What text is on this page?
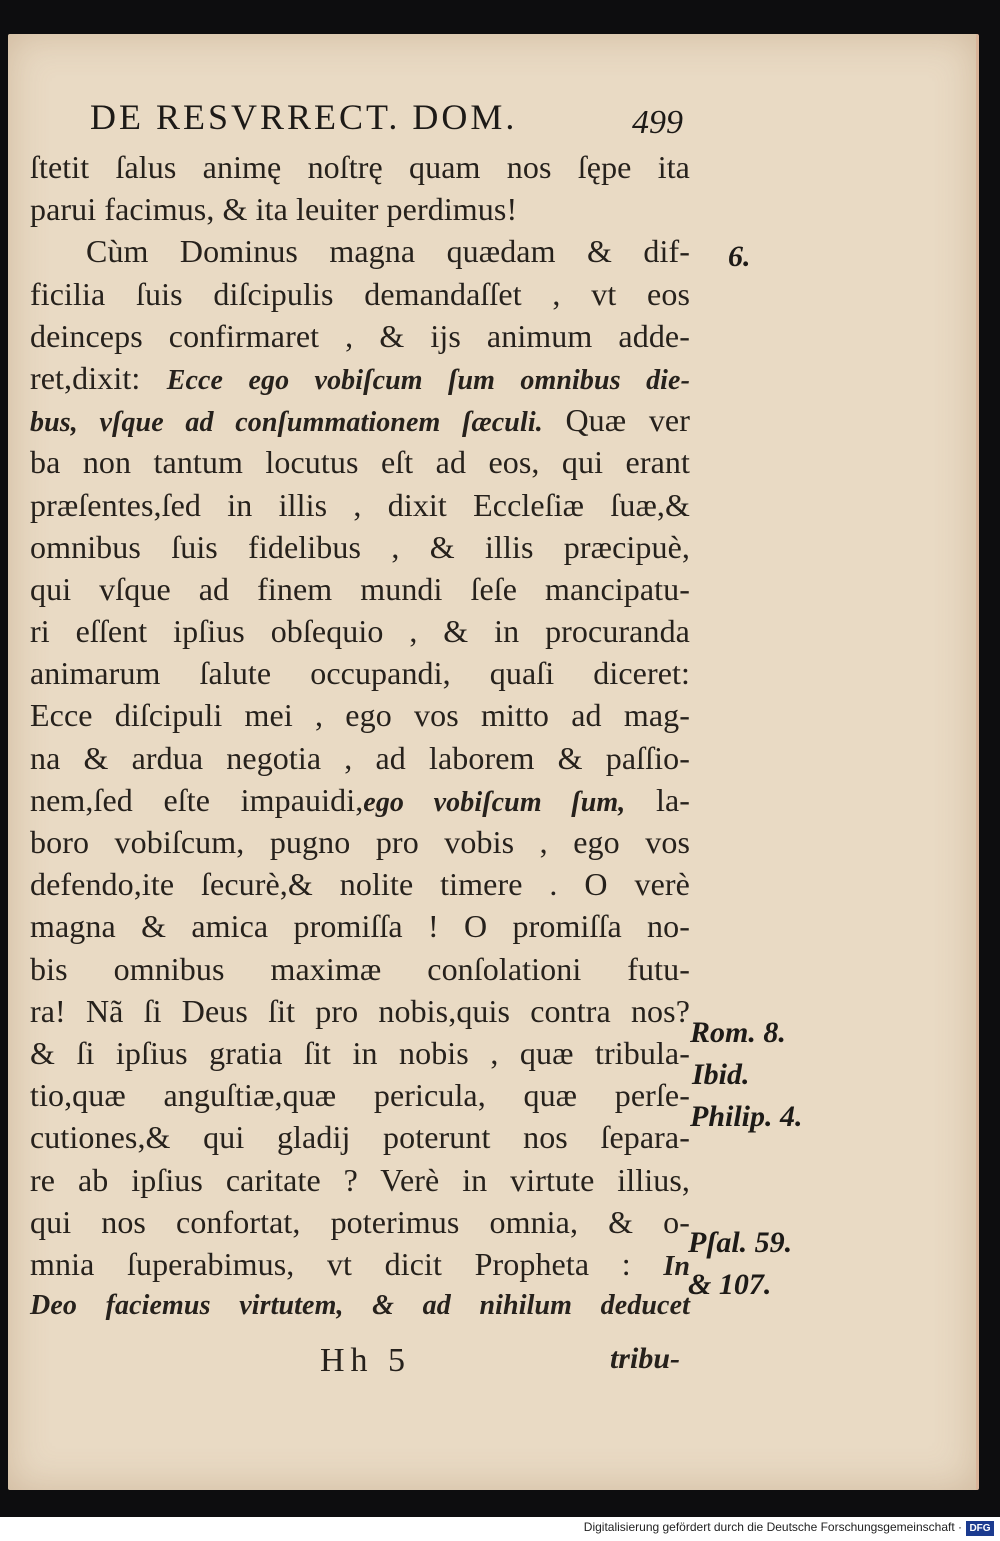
DE RESVRRECT. DOM.	499
ſtetit ſalus animę noſtrę quam nos ſępe ita
parui facimus, & ita leuiter perdimus!
Cùm Dominus magna quædam & dif-
ficilia ſuis diſcipulis demandaſſet , vt eos
deinceps confirmaret , & ijs animum adde-
ret,dixit: Ecce ego vobiſcum ſum omnibus die-
bus, vſque ad conſummationem ſæculi. Quæ ver
ba non tantum locutus eſt ad eos, qui erant
præſentes,ſed in illis , dixit Eccleſiæ ſuæ,&
omnibus ſuis fidelibus , & illis præcipuè,
qui vſque ad finem mundi ſeſe mancipatu-
ri eſſent ipſius obſequio , & in procuranda
animarum ſalute occupandi, quaſi diceret:
Ecce diſcipuli mei , ego vos mitto ad mag-
na & ardua negotia , ad laborem & paſſio-
nem,ſed eſte impauidi,ego vobiſcum ſum, la-
boro vobiſcum, pugno pro vobis , ego vos
defendo,ite ſecurè,& nolite timere . O verè
magna & amica promiſſa ! O promiſſa no-
bis omnibus maximæ conſolationi futu-
ra! Nã ſi Deus ſit pro nobis,quis contra nos?
& ſi ipſius gratia ſit in nobis , quæ tribula-
tio,quæ anguſtiæ,quæ pericula, quæ perſe-
cutiones,& qui gladij poterunt nos ſepara-
re ab ipſius caritate ? Verè in virtute illius,
qui nos confortat, poterimus omnia, & o-
mnia ſuperabimus, vt dicit Propheta : In
Deo faciemus virtutem, & ad nihilum deducet
6.
Rom. 8.
Ibid.
Philip. 4.
Pſal. 59.
& 107.
Hh 5	tribu-
Digitalisierung gefördert durch die Deutsche Forschungsgemeinschaft · DFG
